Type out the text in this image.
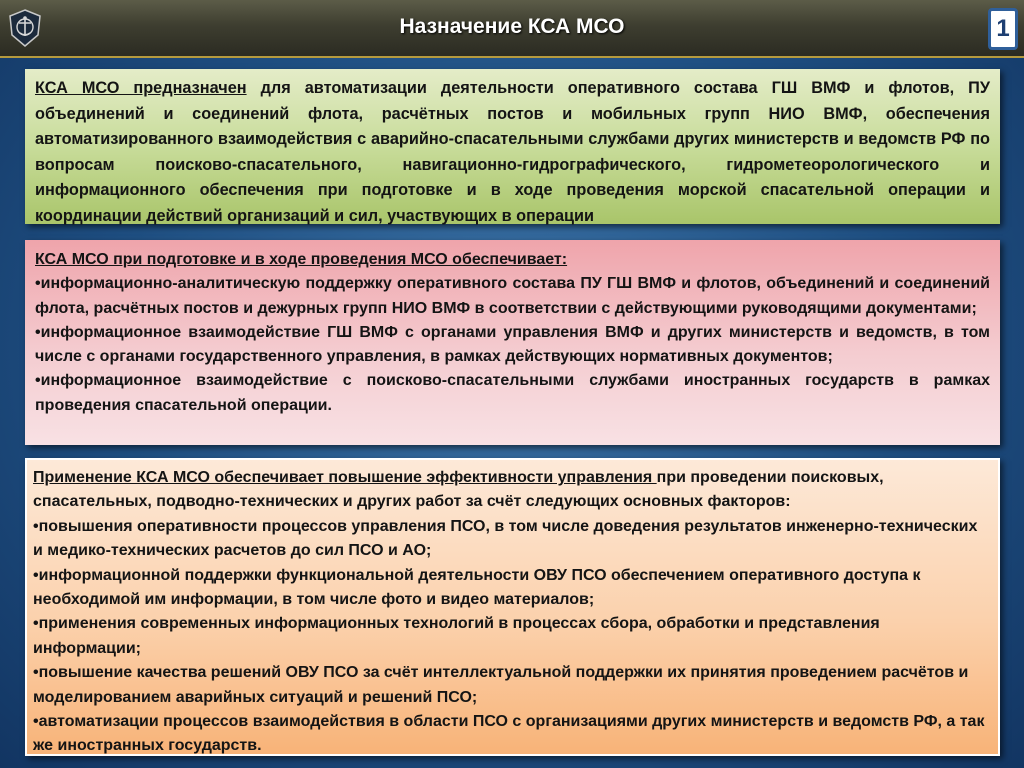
Назначение КСА МСО	1

КСА МСО предназначен для автоматизации деятельности оперативного состава ГШ ВМФ и флотов, ПУ объединений и соединений флота, расчётных постов и мобильных групп НИО ВМФ, обеспечения автоматизированного взаимодействия с аварийно-спасательными службами других министерств и ведомств РФ по вопросам поисково-спасательного, навигационно-гидрографического, гидрометеорологического и информационного обеспечения при подготовке и в ходе проведения морской спасательной операции и координации действий организаций и сил, участвующих в операции

КСА МСО при подготовке и в ходе проведения МСО обеспечивает:

•информационно-аналитическую поддержку оперативного состава ПУ ГШ ВМФ и флотов, объединений и соединений флота, расчётных постов и дежурных групп НИО ВМФ в соответствии с действующими руководящими документами;

•информационное взаимодействие ГШ ВМФ с органами управления ВМФ и других министерств и ведомств, в том числе с органами государственного управления, в рамках действующих нормативных документов;

•информационное взаимодействие с поисково-спасательными службами иностранных государств в рамках проведения спасательной операции.

Применение КСА МСО обеспечивает повышение эффективности управления при проведении поисковых, спасательных, подводно-технических и других работ за счёт следующих основных факторов:

•повышения оперативности процессов управления ПСО, в том числе доведения результатов инженерно-технических и медико-технических расчетов до сил ПСО и АО;

•информационной поддержки функциональной деятельности ОВУ ПСО обеспечением оперативного доступа к необходимой им информации, в том числе фото и видео материалов;

•применения современных информационных технологий в процессах сбора, обработки и представления информации;

•повышение качества решений ОВУ ПСО за счёт интеллектуальной поддержки их принятия проведением расчётов и моделированием аварийных ситуаций и решений ПСО;

•автоматизации процессов взаимодействия в области ПСО с организациями других министерств и ведомств РФ, а так же иностранных государств.
